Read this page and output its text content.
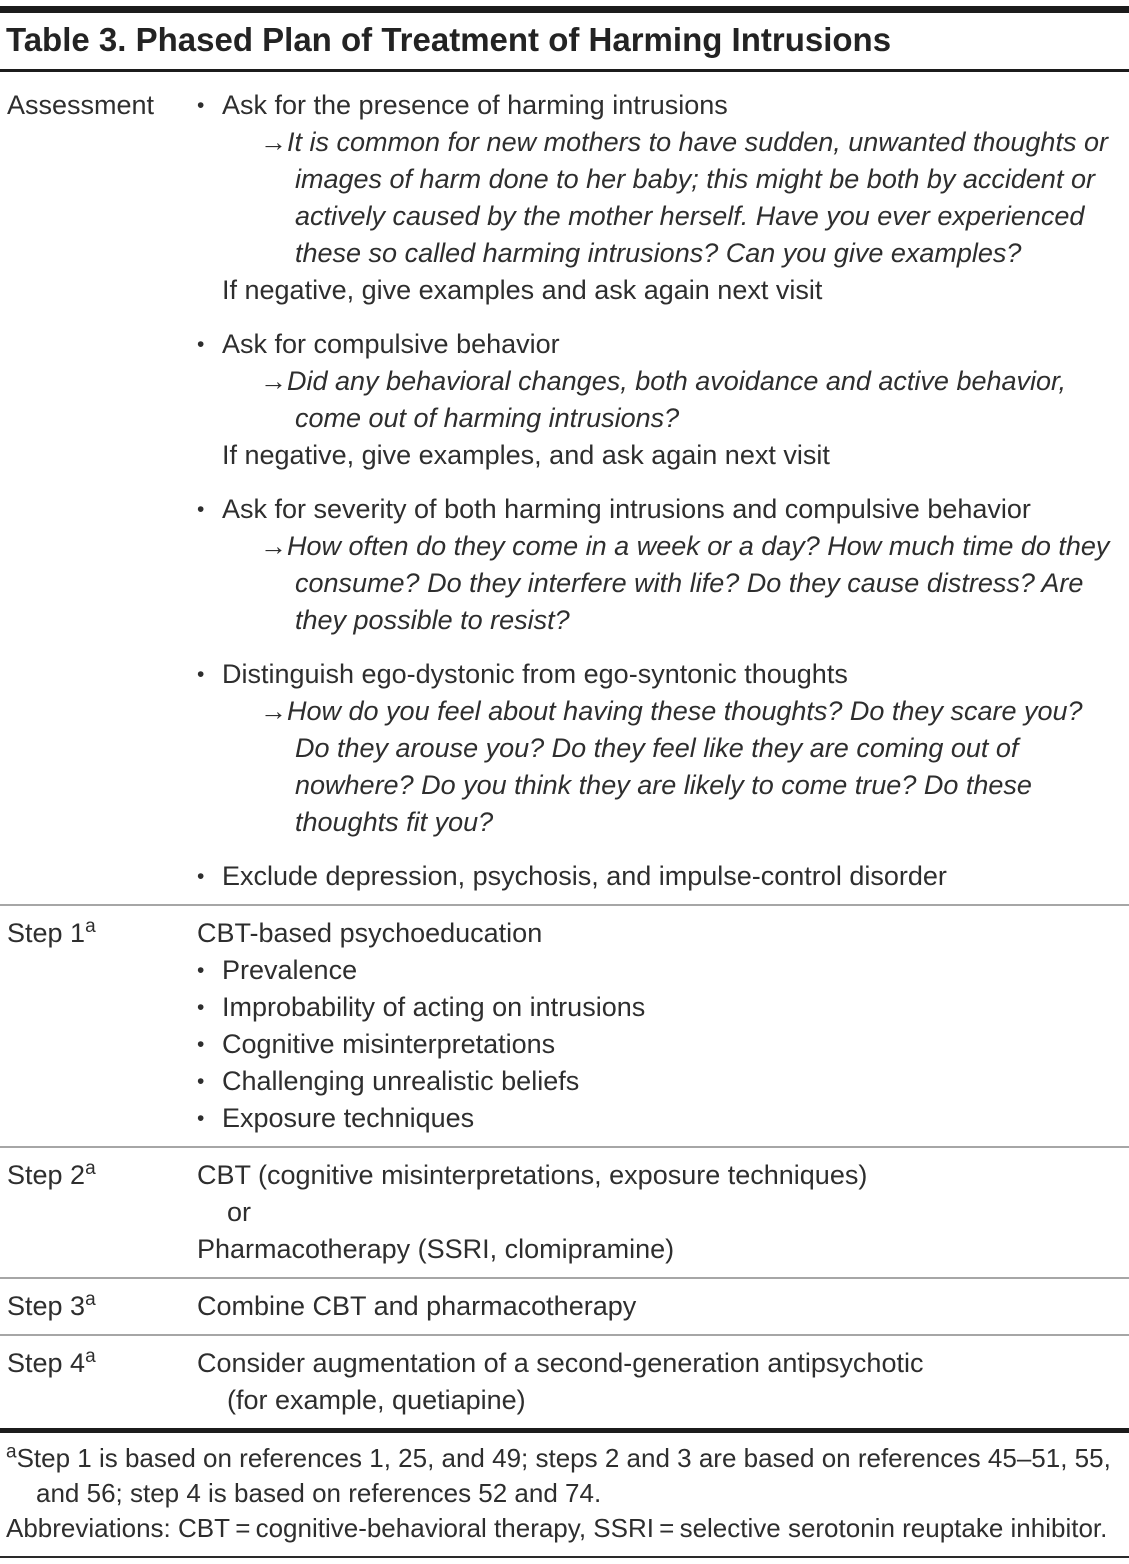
Table 3. Phased Plan of Treatment of Harming Intrusions
Assessment	• Ask for the presence of harming intrusions
→It is common for new mothers to have sudden, unwanted thoughts or images of harm done to her baby; this might be both by accident or actively caused by the mother herself. Have you ever experienced these so called harming intrusions? Can you give examples?
If negative, give examples and ask again next visit
• Ask for compulsive behavior
→Did any behavioral changes, both avoidance and active behavior, come out of harming intrusions?
If negative, give examples, and ask again next visit
• Ask for severity of both harming intrusions and compulsive behavior
→How often do they come in a week or a day? How much time do they consume? Do they interfere with life? Do they cause distress? Are they possible to resist?
• Distinguish ego-dystonic from ego-syntonic thoughts
→How do you feel about having these thoughts? Do they scare you? Do they arouse you? Do they feel like they are coming out of nowhere? Do you think they are likely to come true? Do these thoughts fit you?
• Exclude depression, psychosis, and impulse-control disorder
Step 1$^a$	CBT-based psychoeducation
• Prevalence
• Improbability of acting on intrusions
• Cognitive misinterpretations
• Challenging unrealistic beliefs
• Exposure techniques
Step 2$^a$	CBT (cognitive misinterpretations, exposure techniques)
or
Pharmacotherapy (SSRI, clomipramine)
Step 3$^a$	Combine CBT and pharmacotherapy
Step 4$^a$	Consider augmentation of a second-generation antipsychotic
(for example, quetiapine)
$^a$Step 1 is based on references 1, 25, and 49; steps 2 and 3 are based on references 45–51, 55, and 56; step 4 is based on references 52 and 74.
Abbreviations: CBT = cognitive-behavioral therapy, SSRI = selective serotonin reuptake inhibitor.
